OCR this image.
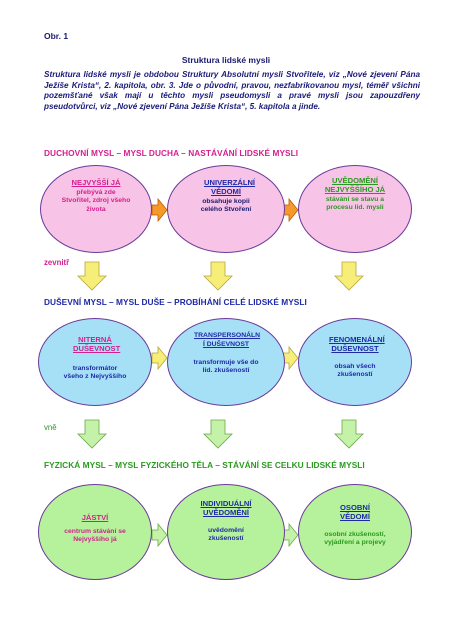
Obr. 1
Struktura lidské mysli
Struktura lidské mysli je obdobou Struktury Absolutní mysli Stvořitele, viz „Nové zjevení Pána Ježíše Krista“, 2. kapitola, obr. 3. Jde o původní, pravou, nezfabrikovanou mysl, téměř všichni pozemšťané však mají u těchto mysli pseudomysli a pravé mysli jsou zapouzdřeny pseudotvůrci, viz „Nové zjevení Pána Ježíše Krista“, 5. kapitola a jinde.
DUCHOVNÍ MYSL – MYSL DUCHA – NASTÁVÁNÍ LIDSKÉ MYSLI
DUŠEVNÍ MYSL – MYSL DUŠE – PROBÍHÁNÍ CELÉ LIDSKÉ MYSLI
FYZICKÁ MYSL – MYSL FYZICKÉHO TĚLA – STÁVÁNÍ SE CELKU LIDSKÉ MYSLI
zevnitř
vně
NEJVYŠŠÍ JÁ
přebývá zde Stvořitel, zdroj všeho života
UNIVERZÁLNÍ VĚDOMÍ
obsahuje kopii celého Stvoření
UVĚDOMĚNÍ NEJVYŠŠÍHO JÁ
stávání se stavu a procesu lid. mysli
NITERNÁ DUŠEVNOST
transformátor všeho z Nejvyššího
TRANSPERSONÁLN Í DUŠEVNOST
transformuje vše do lid. zkušeností
FENOMENÁLNÍ DUŠEVNOST
obsah všech zkušeností
JÁSTVÍ
centrum stávání se Nejvyššího já
INDIVIDUÁLNÍ UVĚDOMĚNÍ
uvědomění zkušeností
OSOBNÍ VĚDOMÍ
osobní zkušeností, vyjádření a projevy
